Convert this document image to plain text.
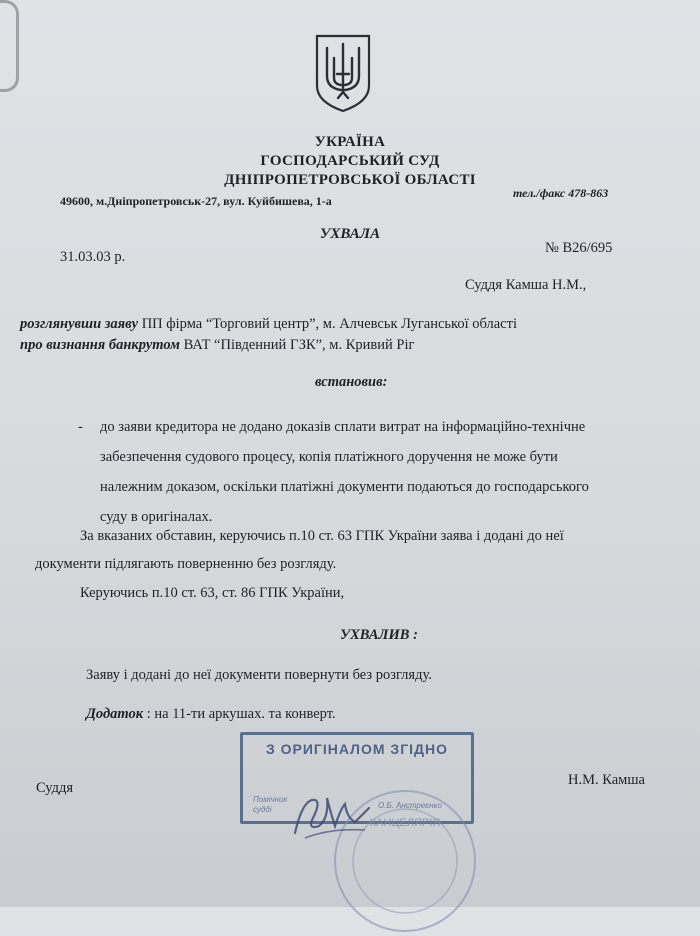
УКРАЇНА
ГОСПОДАРСЬКИЙ СУД
ДНІПРОПЕТРОВСЬКОЇ ОБЛАСТІ
49600, м.Дніпропетровськ-27, вул. Куйбишева, 1-а
тел./факс 478-863
УХВАЛА
31.03.03 р.
№ В26/695
Суддя Камша Н.М.,
розглянувши заяву ПП фірма “Торговий центр”, м. Алчевськ Луганської області
про визнання банкрутом ВАТ “Південний ГЗК”, м. Кривий Ріг
встановив:
- до заяви кредитора не додано доказів сплати витрат на інформаційно-технічне
забезпечення судового процесу, копія платіжного доручення не може бути
належним доказом, оскільки платіжні документи подаються до господарського
суду в оригіналах.
За вказаних обставин, керуючись п.10 ст. 63 ГПК України заява і додані до неї
документи підлягають поверненню без розгляду.
Керуючись п.10 ст. 63, ст. 86 ГПК України,
УХВАЛИВ :
Заяву і додані до неї документи повернути без розгляду.
Додаток : на 11-ти аркушах. та конверт.
Суддя	Н.М. Камша
З ОРИГІНАЛОМ ЗГІДНО
Помічник судді	О.Б. Анстреєнко
КАНЦЕЛЯРІЯ
